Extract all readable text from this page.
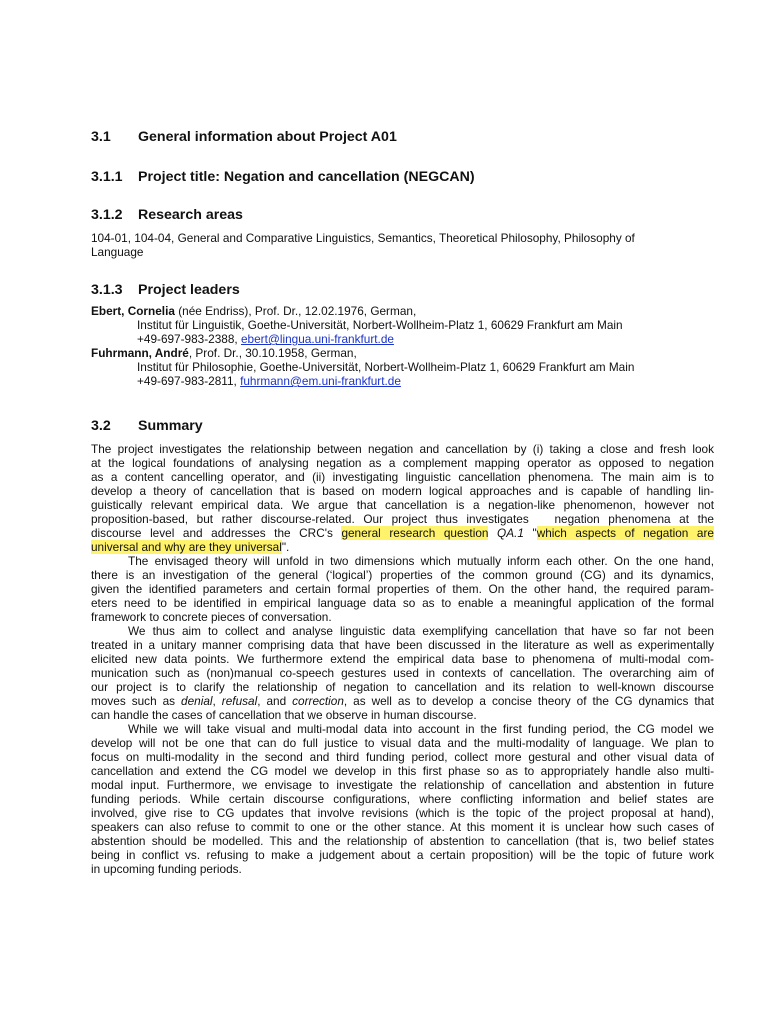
3.1 General information about Project A01
3.1.1 Project title: Negation and cancellation (NEGCAN)
3.1.2 Research areas
104-01, 104-04, General and Comparative Linguistics, Semantics, Theoretical Philosophy, Philosophy of
Language
3.1.3 Project leaders
Ebert, Cornelia (née Endriss), Prof. Dr., 12.02.1976, German,
Institut für Linguistik, Goethe-Universität, Norbert-Wollheim-Platz 1, 60629 Frankfurt am Main
+49-697-983-2388, ebert@lingua.uni-frankfurt.de
Fuhrmann, André, Prof. Dr., 30.10.1958, German,
Institut für Philosophie, Goethe-Universität, Norbert-Wollheim-Platz 1, 60629 Frankfurt am Main
+49-697-983-2811, fuhrmann@em.uni-frankfurt.de
3.2 Summary
The project investigates the relationship between negation and cancellation by (i) taking a close and fresh look
at the logical foundations of analysing negation as a complement mapping operator as opposed to negation
as a content cancelling operator, and (ii) investigating linguistic cancellation phenomena. The main aim is to
develop a theory of cancellation that is based on modern logical approaches and is capable of handling lin-
guistically relevant empirical data. We argue that cancellation is a negation-like phenomenon, however not
proposition-based, but rather discourse-related. Our project thus investigates   negation phenomena at the
discourse level and addresses the CRC's general research question QA.1 "which aspects of negation are
universal and why are they universal".
The envisaged theory will unfold in two dimensions which mutually inform each other. On the one hand,
there is an investigation of the general (‘logical’) properties of the common ground (CG) and its dynamics,
given the identified parameters and certain formal properties of them. On the other hand, the required param-
eters need to be identified in empirical language data so as to enable a meaningful application of the formal
framework to concrete pieces of conversation.
We thus aim to collect and analyse linguistic data exemplifying cancellation that have so far not been
treated in a unitary manner comprising data that have been discussed in the literature as well as experimentally
elicited new data points. We furthermore extend the empirical data base to phenomena of multi-modal com-
munication such as (non)manual co-speech gestures used in contexts of cancellation. The overarching aim of
our project is to clarify the relationship of negation to cancellation and its relation to well-known discourse
moves such as denial, refusal, and correction, as well as to develop a concise theory of the CG dynamics that
can handle the cases of cancellation that we observe in human discourse.
While we will take visual and multi-modal data into account in the first funding period, the CG model we
develop will not be one that can do full justice to visual data and the multi-modality of language. We plan to
focus on multi-modality in the second and third funding period, collect more gestural and other visual data of
cancellation and extend the CG model we develop in this first phase so as to appropriately handle also multi-
modal input. Furthermore, we envisage to investigate the relationship of cancellation and abstention in future
funding periods. While certain discourse configurations, where conflicting information and belief states are
involved, give rise to CG updates that involve revisions (which is the topic of the project proposal at hand),
speakers can also refuse to commit to one or the other stance. At this moment it is unclear how such cases of
abstention should be modelled. This and the relationship of abstention to cancellation (that is, two belief states
being in conflict vs. refusing to make a judgement about a certain proposition) will be the topic of future work
in upcoming funding periods.
